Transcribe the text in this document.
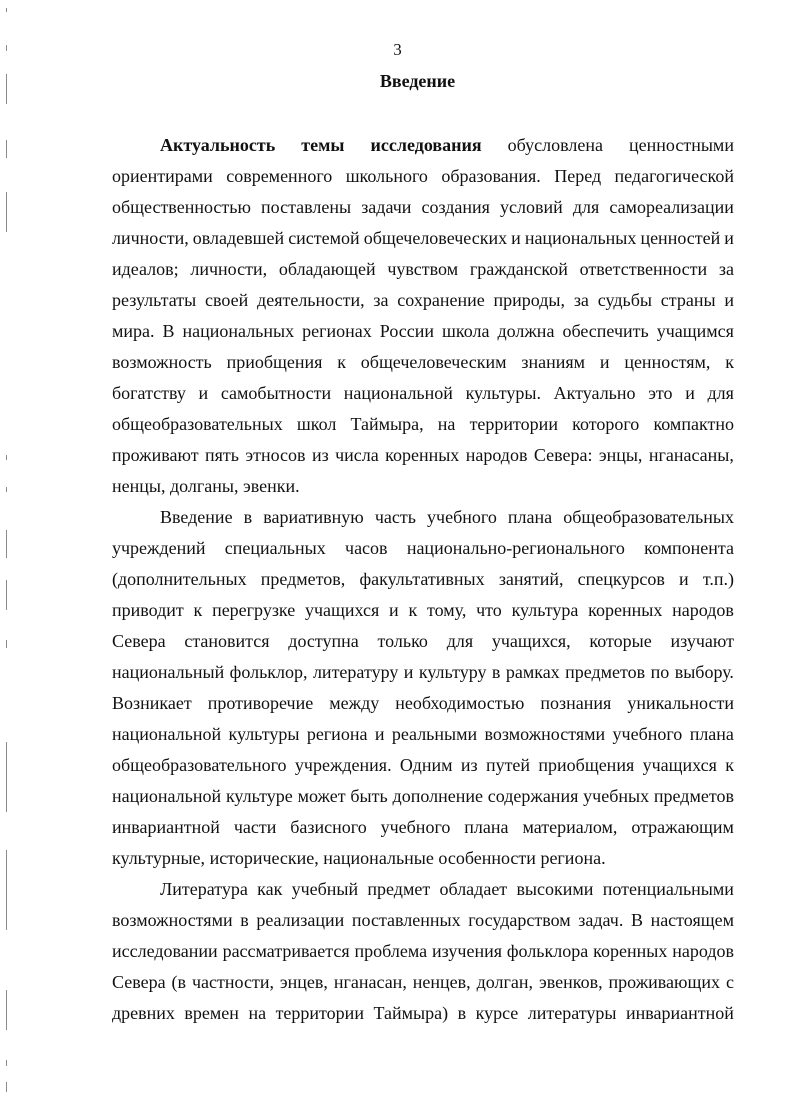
3
Введение
Актуальность темы исследования обусловлена ценностными
ориентирами современного школьного образования. Перед педагогической
общественностью поставлены задачи создания условий для самореализации
личности, овладевшей системой общечеловеческих и национальных ценностей и
идеалов; личности, обладающей чувством гражданской ответственности за
результаты своей деятельности, за сохранение природы, за судьбы страны и
мира. В национальных регионах России школа должна обеспечить учащимся
возможность приобщения к общечеловеческим знаниям и ценностям, к
богатству и самобытности национальной культуры. Актуально это и для
общеобразовательных школ Таймыра, на территории которого компактно
проживают пять этносов из числа коренных народов Севера: энцы, нганасаны,
ненцы, долганы, эвенки.
Введение в вариативную часть учебного плана общеобразовательных
учреждений специальных часов национально-регионального компонента
(дополнительных предметов, факультативных занятий, спецкурсов и т.п.)
приводит к перегрузке учащихся и к тому, что культура коренных народов
Севера становится доступна только для учащихся, которые изучают
национальный фольклор, литературу и культуру в рамках предметов по выбору.
Возникает противоречие между необходимостью познания уникальности
национальной культуры региона и реальными возможностями учебного плана
общеобразовательного учреждения. Одним из путей приобщения учащихся к
национальной культуре может быть дополнение содержания учебных предметов
инвариантной части базисного учебного плана материалом, отражающим
культурные, исторические, национальные особенности региона.
Литература как учебный предмет обладает высокими потенциальными
возможностями в реализации поставленных государством задач. В настоящем
исследовании рассматривается проблема изучения фольклора коренных народов
Севера (в частности, энцев, нганасан, ненцев, долган, эвенков, проживающих с
древних времен на территории Таймыра) в курсе литературы инвариантной
